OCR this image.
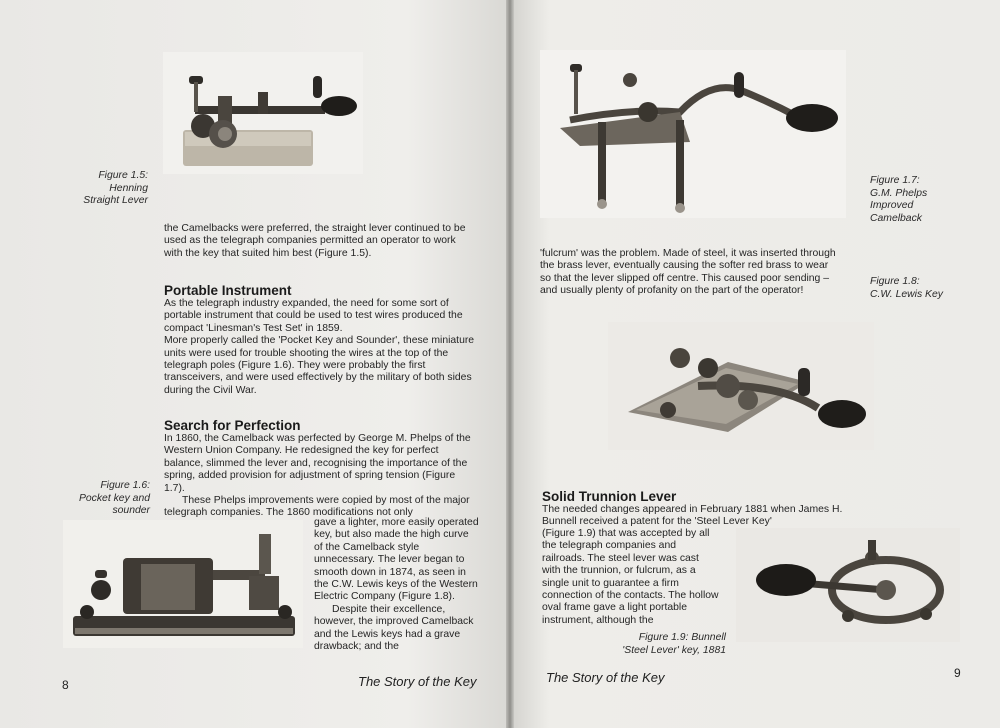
Figure 1.5:
Henning
Straight Lever

the Camelbacks were preferred, the straight lever continued to be used as the telegraph companies permitted an operator to work with the key that suited him best (Figure 1.5).

Portable Instrument

As the telegraph industry expanded, the need for some sort of portable instrument that could be used to test wires produced the compact 'Linesman's Test Set' in 1859.

More properly called the 'Pocket Key and Sounder', these miniature units were used for trouble shooting the wires at the top of the telegraph poles (Figure 1.6). They were probably the first transceivers, and were used effectively by the military of both sides during the Civil War.

Search for Perfection

In 1860, the Camelback was perfected by George M. Phelps of the Western Union Company. He redesigned the key for perfect balance, slimmed the lever and, recognising the importance of the spring, added provision for adjustment of spring tension (Figure 1.7).

These Phelps improvements were copied by most of the major telegraph companies. The 1860 modifications not only

gave a lighter, more easily operated key, but also made the high curve of the Camelback style unnecessary. The lever began to smooth down in 1874, as seen in the C.W. Lewis keys of the Western Electric Company (Figure 1.8).

Despite their excellence, however, the improved Camelback and the Lewis keys had a grave drawback; and the

Figure 1.6:
Pocket key and
sounder
8	The Story of the Key
Figure 1.7:
G.M. Phelps
Improved
Camelback

'fulcrum' was the problem. Made of steel, it was inserted through the brass lever, eventually causing the softer red brass to wear so that the lever slipped off centre. This caused poor sending – and usually plenty of profanity on the part of the operator!

Figure 1.8:
C.W. Lewis Key
Solid Trunnion Lever

The needed changes appeared in February 1881 when James H. Bunnell received a patent for the 'Steel Lever Key'

(Figure 1.9) that was accepted by all the telegraph companies and railroads. The steel lever was cast with the trunnion, or fulcrum, as a single unit to guarantee a firm connection of the contacts. The hollow oval frame gave a light portable instrument, although the

Figure 1.9: Bunnell
'Steel Lever' key, 1881
The Story of the Key	9
